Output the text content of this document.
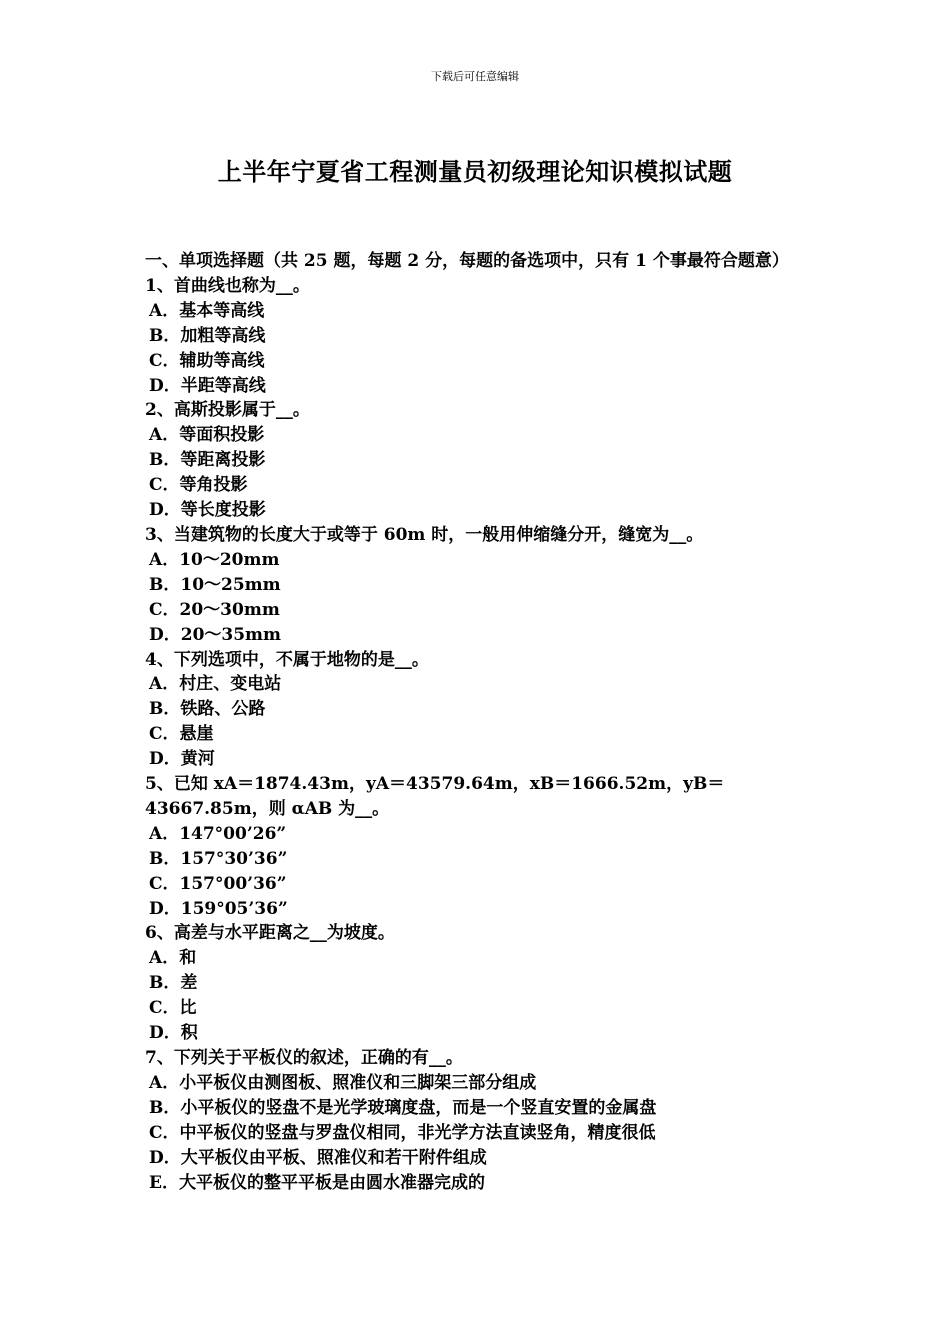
下载后可任意编辑
上半年宁夏省工程测量员初级理论知识模拟试题

一、单项选择题（共 25 题，每题 2 分，每题的备选项中，只有 1 个事最符合题意）

1、首曲线也称为__。

A．基本等高线

B．加粗等高线

C．辅助等高线

D．半距等高线

2、高斯投影属于__。

A．等面积投影

B．等距离投影

C．等角投影

D．等长度投影

3、当建筑物的长度大于或等于 60m 时，一般用伸缩缝分开，缝宽为__。

A．10～20mm

B．10～25mm

C．20～30mm

D．20～35mm

4、下列选项中，不属于地物的是__。

A．村庄、变电站

B．铁路、公路

C．悬崖

D．黄河

5、已知 xA＝1874.43m，yA＝43579.64m，xB＝1666.52m，yB＝43667.85m，则 αAB 为__。

A．147°00’26”

B．157°30’36”

C．157°00’36”

D．159°05’36”

6、高差与水平距离之__为坡度。

A．和

B．差

C．比

D．积

7、下列关于平板仪的叙述，正确的有__。

A．小平板仪由测图板、照准仪和三脚架三部分组成

B．小平板仪的竖盘不是光学玻璃度盘，而是一个竖直安置的金属盘

C．中平板仪的竖盘与罗盘仪相同，非光学方法直读竖角，精度很低

D．大平板仪由平板、照准仪和若干附件组成

E．大平板仪的整平平板是由圆水准器完成的
